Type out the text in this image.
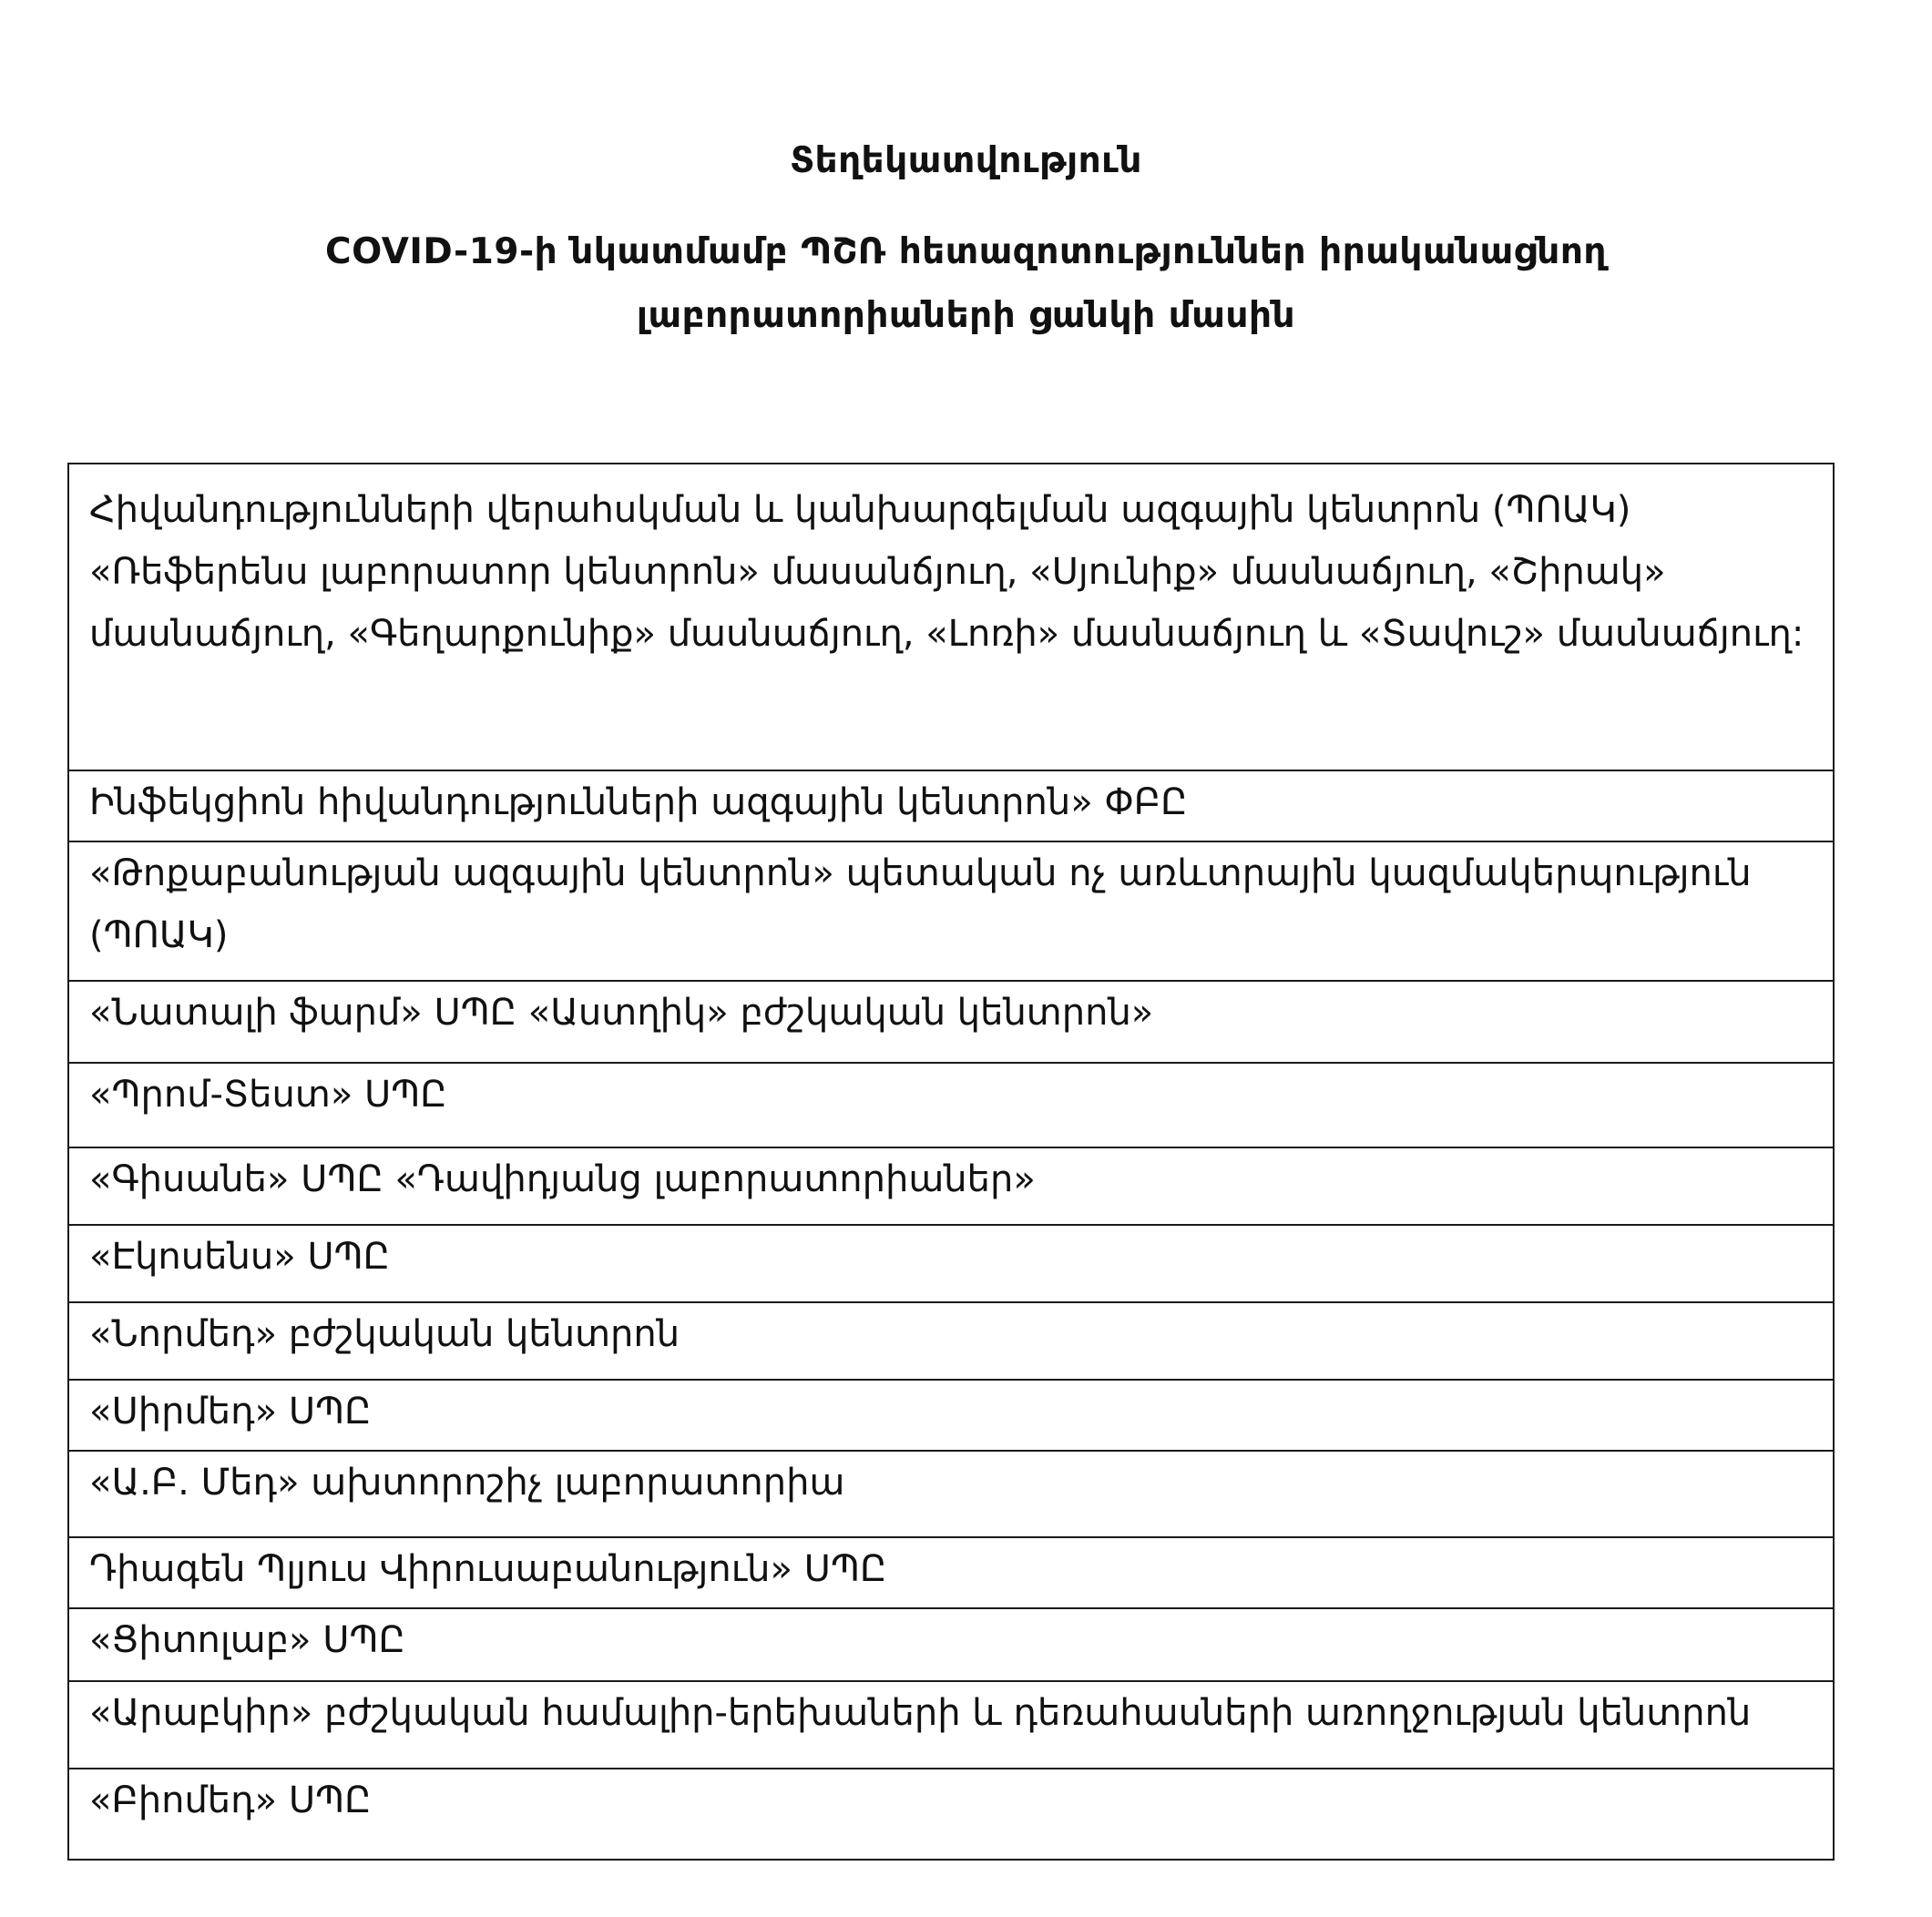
Տեղեկատվություն
COVID-19-ի նկատմամբ ՊՇՌ հետազոտություններ իրականացնող
լաբորատորիաների ցանկի մասին
Հիվանդությունների վերահսկման և կանխարգելման ազգային կենտրոն (ՊՈԱԿ) «Ռեֆերենս լաբորատոր կենտրոն» մասանճյուղ, «Սյունիք» մասնաճյուղ, «Շիրակ» մասնաճյուղ, «Գեղարքունիք» մասնաճյուղ, «Լոռի» մասնաճյուղ և «Տավուշ» մասնաճյուղ:

Ինֆեկցիոն հիվանդությունների ազգային կենտրոն» ՓԲԸ

«Թոքաբանության ազգային կենտրոն» պետական ոչ առևտրային կազմակերպություն (ՊՈԱԿ)

«Նատալի ֆարմ» ՍՊԸ «Աստղիկ» բժշկական կենտրոն»

«Պրոմ-Տեստ» ՍՊԸ

«Գիսանե» ՍՊԸ «Դավիդյանց լաբորատորիաներ»

«Էկոսենս» ՍՊԸ

«Նորմեդ» բժշկական կենտրոն

«Սիրմեդ» ՍՊԸ

«Ա.Բ. Մեդ» ախտորոշիչ լաբորատորիա

Դիագեն Պլյուս Վիրուսաբանություն» ՍՊԸ

«Ցիտոլաբ» ՍՊԸ

«Արաբկիր» բժշկական համալիր-երեխաների և դեռահասների առողջության կենտրոն

«Բիոմեդ» ՍՊԸ
